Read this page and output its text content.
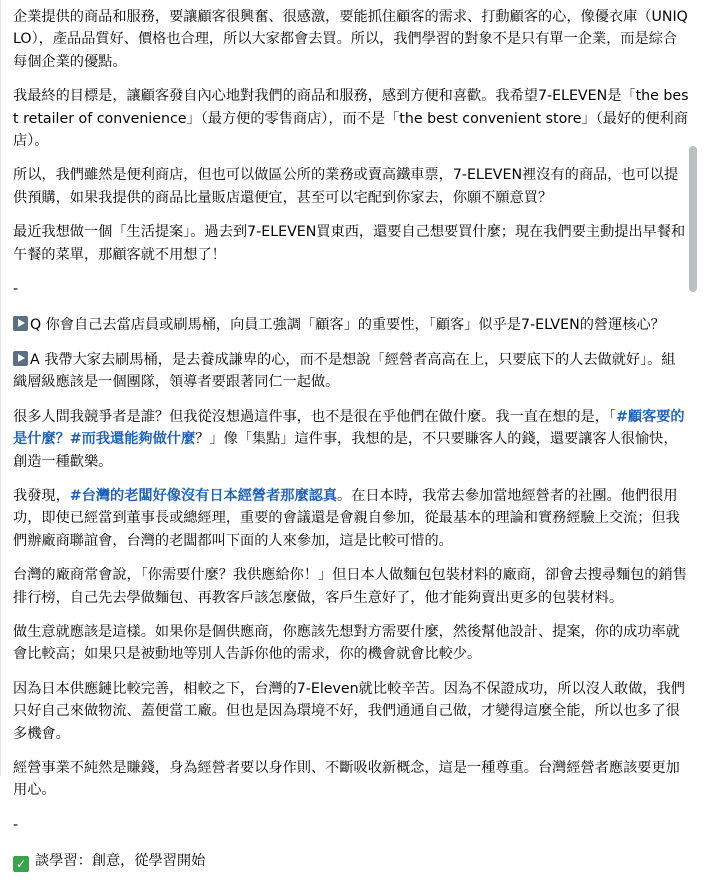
企業提供的商品和服務，要讓顧客很興奮、很感激，要能抓住顧客的需求、打動顧客的心，像優衣庫（UNIQLO），產品品質好、價格也合理，所以大家都會去買。所以，我們學習的對象不是只有單一企業，而是綜合每個企業的優點。

我最終的目標是，讓顧客發自內心地對我們的商品和服務，感到方便和喜歡。我希望7-ELEVEN是「the best retailer of convenience」（最方便的零售商店），而不是「the best convenient store」（最好的便利商店）。

所以，我們雖然是便利商店，但也可以做區公所的業務或賣高鐵車票，7-ELEVEN裡沒有的商品，也可以提供預購，如果我提供的商品比量販店還便宜，甚至可以宅配到你家去，你願不願意買？

最近我想做一個「生活提案」。過去到7-ELEVEN買東西，還要自己想要買什麼；現在我們要主動提出早餐和午餐的菜單，那顧客就不用想了！

-

Q 你會自己去當店員或刷馬桶，向員工強調「顧客」的重要性，「顧客」似乎是7-ELVEN的營運核心？

A 我帶大家去刷馬桶，是去養成謙卑的心，而不是想說「經營者高高在上，只要底下的人去做就好」。組織層級應該是一個團隊，領導者要跟著同仁一起做。

很多人問我競爭者是誰？但我從沒想過這件事，也不是很在乎他們在做什麼。我一直在想的是，「#顧客要的是什麼？#而我還能夠做什麼？」像「集點」這件事，我想的是，不只要賺客人的錢，還要讓客人很愉快，創造一種歡樂。

我發現，#台灣的老闆好像沒有日本經營者那麼認真。在日本時，我常去參加當地經營者的社團。他們很用功，即使已經當到董事長或總經理，重要的會議還是會親自參加，從最基本的理論和實務經驗上交流；但我們辦廠商聯誼會，台灣的老闆都叫下面的人來參加，這是比較可惜的。

台灣的廠商常會說，「你需要什麼？我供應給你！」但日本人做麵包包裝材料的廠商，卻會去搜尋麵包的銷售排行榜，自己先去學做麵包、再教客戶該怎麼做，客戶生意好了，他才能夠賣出更多的包裝材料。

做生意就應該是這樣。如果你是個供應商，你應該先想對方需要什麼，然後幫他設計、提案，你的成功率就會比較高；如果只是被動地等別人告訴你他的需求，你的機會就會比較少。

因為日本供應鏈比較完善，相較之下，台灣的7-Eleven就比較辛苦。因為不保證成功，所以沒人敢做，我們只好自己來做物流、蓋便當工廠。但也是因為環境不好，我們通通自己做，才變得這麼全能，所以也多了很多機會。

經營事業不純然是賺錢，身為經營者要以身作則、不斷吸收新概念，這是一種尊重。台灣經營者應該要更加用心。

-

✓ 談學習：創意，從學習開始
